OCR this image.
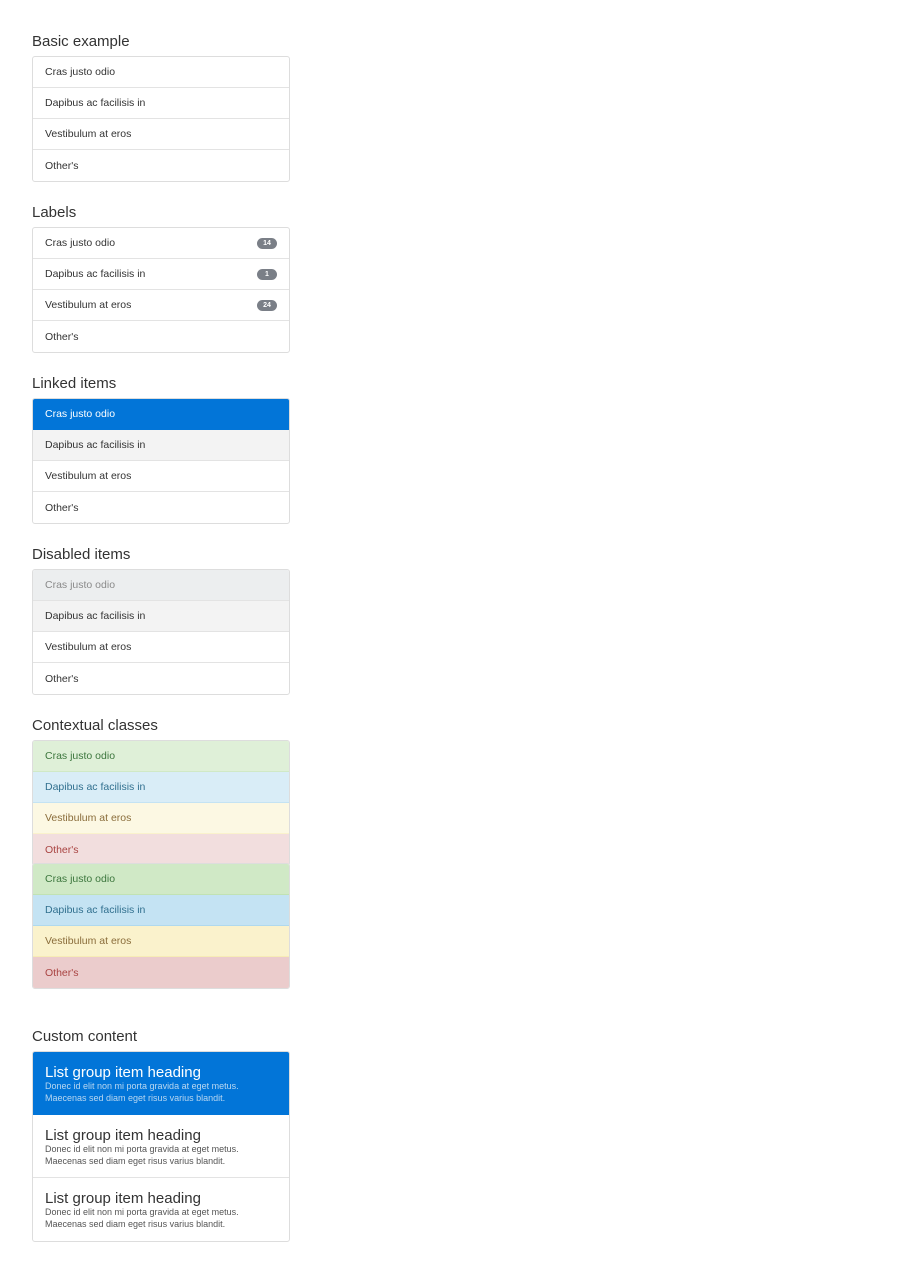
Basic example
Cras justo odio
Dapibus ac facilisis in
Vestibulum at eros
Other's
Labels
Cras justo odio	14
Dapibus ac facilisis in	1
Vestibulum at eros	24
Other's
Linked items
Cras justo odio
Dapibus ac facilisis in
Vestibulum at eros
Other's
Disabled items
Cras justo odio
Dapibus ac facilisis in
Vestibulum at eros
Other's
Contextual classes
Cras justo odio
Dapibus ac facilisis in
Vestibulum at eros
Other's
Cras justo odio
Dapibus ac facilisis in
Vestibulum at eros
Other's
Custom content

List group item heading

Donec id elit non mi porta gravida at eget metus.

Maecenas sed diam eget risus varius blandit.

List group item heading

Donec id elit non mi porta gravida at eget metus.

Maecenas sed diam eget risus varius blandit.

List group item heading

Donec id elit non mi porta gravida at eget metus.

Maecenas sed diam eget risus varius blandit.
